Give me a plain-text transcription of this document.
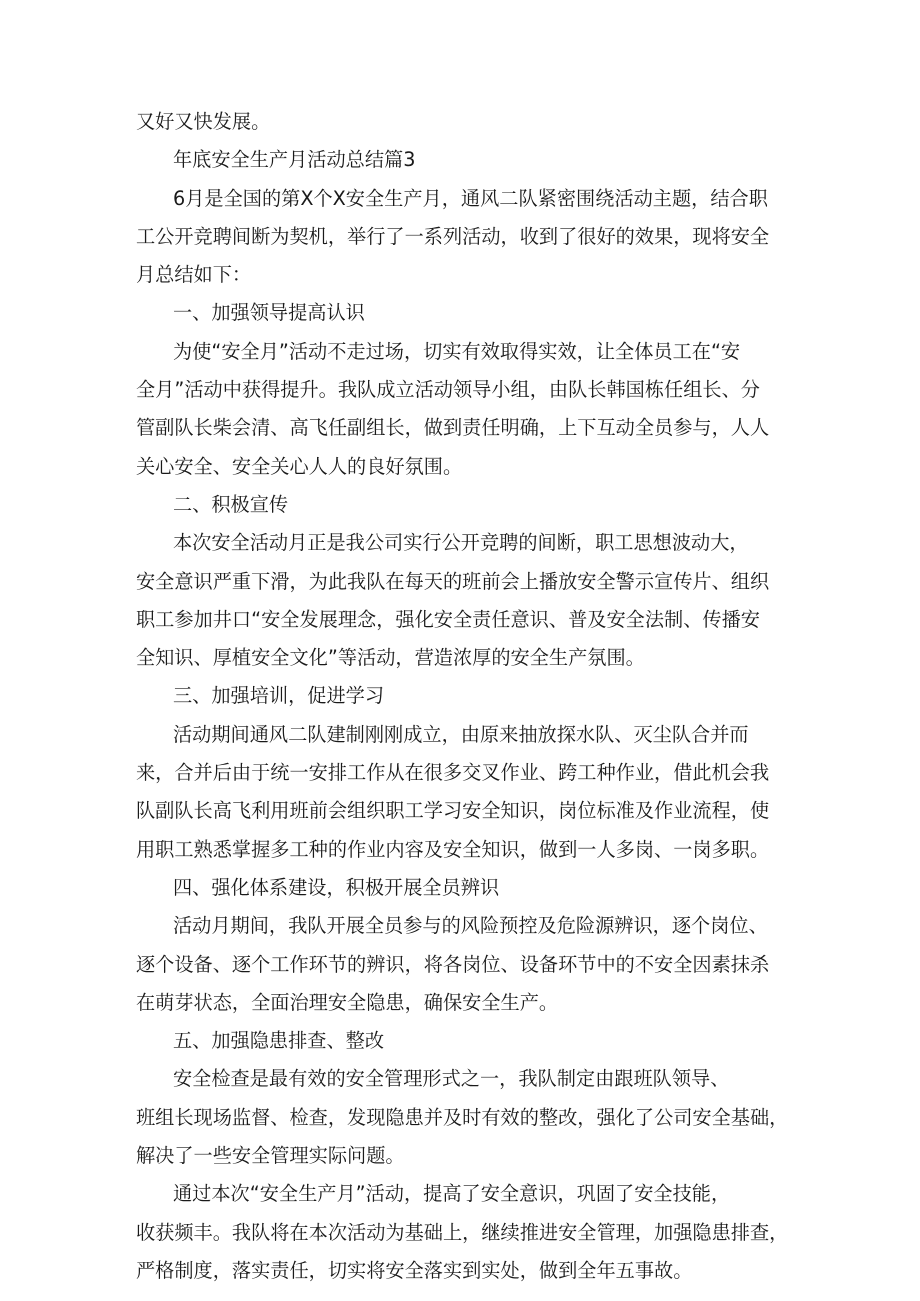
又好又快发展。
年底安全生产月活动总结篇3
6月是全国的第X个X安全生产月，通风二队紧密围绕活动主题，结合职
工公开竞聘间断为契机，举行了一系列活动，收到了很好的效果，现将安全
月总结如下：
一、加强领导提高认识
为使“安全月”活动不走过场，切实有效取得实效，让全体员工在“安
全月”活动中获得提升。我队成立活动领导小组，由队长韩国栋任组长、分
管副队长柴会清、高飞任副组长，做到责任明确，上下互动全员参与，人人
关心安全、安全关心人人的良好氛围。
二、积极宣传
本次安全活动月正是我公司实行公开竞聘的间断，职工思想波动大，
安全意识严重下滑，为此我队在每天的班前会上播放安全警示宣传片、组织
职工参加井口“安全发展理念，强化安全责任意识、普及安全法制、传播安
全知识、厚植安全文化”等活动，营造浓厚的安全生产氛围。
三、加强培训，促进学习
活动期间通风二队建制刚刚成立，由原来抽放探水队、灭尘队合并而
来，合并后由于统一安排工作从在很多交叉作业、跨工种作业，借此机会我
队副队长高飞利用班前会组织职工学习安全知识，岗位标准及作业流程，使
用职工熟悉掌握多工种的作业内容及安全知识，做到一人多岗、一岗多职。
四、强化体系建设，积极开展全员辨识
活动月期间，我队开展全员参与的风险预控及危险源辨识，逐个岗位、
逐个设备、逐个工作环节的辨识，将各岗位、设备环节中的不安全因素抹杀
在萌芽状态，全面治理安全隐患，确保安全生产。
五、加强隐患排查、整改
安全检查是最有效的安全管理形式之一，我队制定由跟班队领导、
班组长现场监督、检查，发现隐患并及时有效的整改，强化了公司安全基础，
解决了一些安全管理实际问题。
通过本次“安全生产月”活动，提高了安全意识，巩固了安全技能，
收获频丰。我队将在本次活动为基础上，继续推进安全管理，加强隐患排查，
严格制度，落实责任，切实将安全落实到实处，做到全年五事故。
